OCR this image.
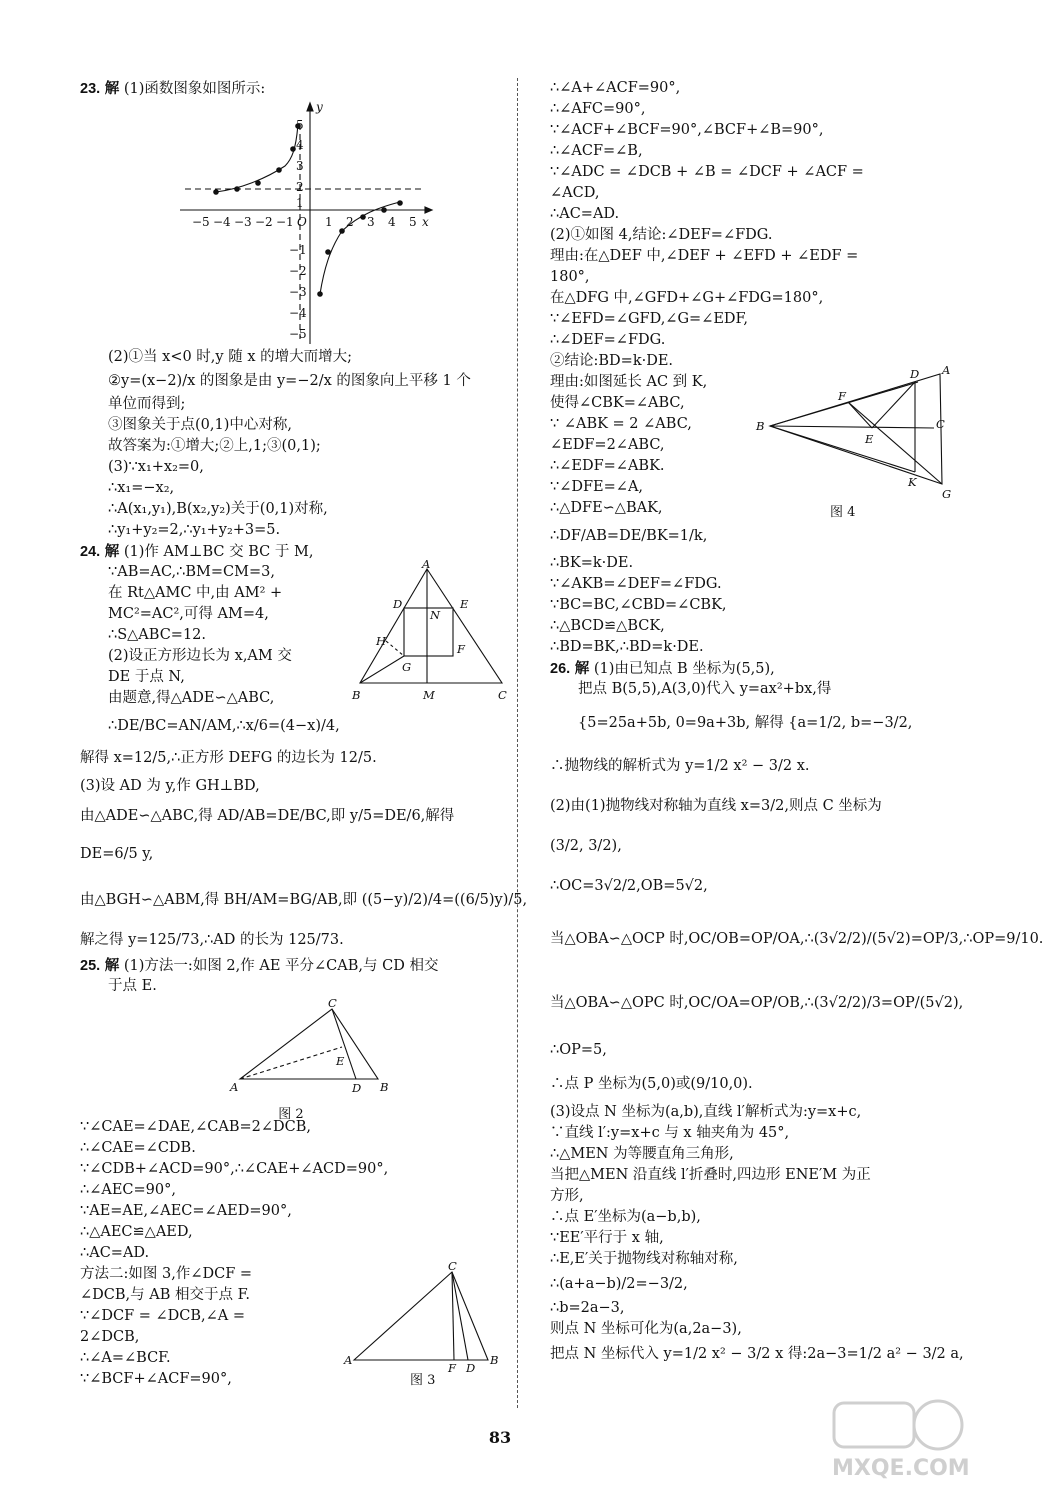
23. 解 (1)函数图象如图所示:
−5 −4 −3 −2 −1 O 1 2 3 4 5 x
y
5
4
3
2
1
−1
−2
−3
−4
−5
(2)①当 x<0 时,y 随 x 的增大而增大;
②y=(x−2)/x 的图象是由 y=−2/x 的图象向上平移 1 个
单位而得到;
③图象关于点(0,1)中心对称,
故答案为:①增大;②上,1;③(0,1);
(3)∵x₁+x₂=0,
∴x₁=−x₂,
∴A(x₁,y₁),B(x₂,y₂)关于(0,1)对称,
∴y₁+y₂=2,∴y₁+y₂+3=5.
24. 解 (1)作 AM⊥BC 交 BC 于 M,
∵AB=AC,∴BM=CM=3,
在 Rt△AMC 中,由 AM² +
MC²=AC²,可得 AM=4,
∴S△ABC=12.
(2)设正方形边长为 x,AM 交
DE 于点 N,
由题意,得△ADE∽△ABC,
∴DE/BC=AN/AM,∴x/6=(4−x)/4,
A
B	C
D	E
F
G
H
M
N
解得 x=12/5,∴正方形 DEFG 的边长为 12/5.
(3)设 AD 为 y,作 GH⊥BD,
由△ADE∽△ABC,得 AD/AB=DE/BC,即 y/5=DE/6,解得
DE=6/5 y,
由△BGH∽△ABM,得 BH/AM=BG/AB,即 ((5−y)/2)/4=((6/5)y)/5,
解之得 y=125/73,∴AD 的长为 125/73.
25. 解 (1)方法一:如图 2,作 AE 平分∠CAB,与 CD 相交
于点 E.
A	B
C
D
E
图 2
∵∠CAE=∠DAE,∠CAB=2∠DCB,
∴∠CAE=∠CDB.
∵∠CDB+∠ACD=90°,∴∠CAE+∠ACD=90°,
∴∠AEC=90°,
∵AE=AE,∠AEC=∠AED=90°,
∴△AEC≌△AED,
∴AC=AD.
方法二:如图 3,作∠DCF =
∠DCB,与 AB 相交于点 F.
∵∠DCF = ∠DCB,∠A =
2∠DCB,
∴∠A=∠BCF.
∵∠BCF+∠ACF=90°,
A	B
C
D
F
图 3
∴∠A+∠ACF=90°,
∴∠AFC=90°,
∵∠ACF+∠BCF=90°,∠BCF+∠B=90°,
∴∠ACF=∠B,
∵∠ADC = ∠DCB + ∠B = ∠DCF + ∠ACF =
∠ACD,
∴AC=AD.
(2)①如图 4,结论:∠DEF=∠FDG.
理由:在△DEF 中,∠DEF + ∠EFD + ∠EDF =
180°,
在△DFG 中,∠GFD+∠G+∠FDG=180°,
∵∠EFD=∠GFD,∠G=∠EDF,
∴∠DEF=∠FDG.
②结论:BD=k·DE.
理由:如图延长 AC 到 K,
使得∠CBK=∠ABC,
∵ ∠ABK = 2 ∠ABC,
∠EDF=2∠ABC,
∴∠EDF=∠ABK.
∵∠DFE=∠A,
∴△DFE∽△BAK,
∴DF/AB=DE/BK=1/k,
∴BK=k·DE.
∵∠AKB=∠DEF=∠FDG.
∵BC=BC,∠CBD=∠CBK,
∴△BCD≌△BCK,
∴BD=BK,∴BD=k·DE.
A
B	C
D
E
F
G
K
图 4
26. 解 (1)由已知点 B 坐标为(5,5),
把点 B(5,5),A(3,0)代入 y=ax²+bx,得
{5=25a+5b, 0=9a+3b, 解得 {a=1/2, b=−3/2,
∴抛物线的解析式为 y=1/2 x² − 3/2 x.
(2)由(1)抛物线对称轴为直线 x=3/2,则点 C 坐标为
(3/2, 3/2),
∴OC=3√2/2,OB=5√2,
当△OBA∽△OCP 时,OC/OB=OP/OA,∴(3√2/2)/(5√2)=OP/3,∴OP=9/10.
当△OBA∽△OPC 时,OC/OA=OP/OB,∴(3√2/2)/3=OP/(5√2),
∴OP=5,
∴点 P 坐标为(5,0)或(9/10,0).
(3)设点 N 坐标为(a,b),直线 l′解析式为:y=x+c,
∵直线 l′:y=x+c 与 x 轴夹角为 45°,
∴△MEN 为等腰直角三角形,
当把△MEN 沿直线 l′折叠时,四边形 ENE′M 为正
方形,
∴点 E′坐标为(a−b,b),
∵EE′平行于 x 轴,
∴E,E′关于抛物线对称轴对称,
∴(a+a−b)/2=−3/2,
∴b=2a−3,
则点 N 坐标可化为(a,2a−3),
把点 N 坐标代入 y=1/2 x² − 3/2 x 得:2a−3=1/2 a² − 3/2 a,
83
MXQE.COM
